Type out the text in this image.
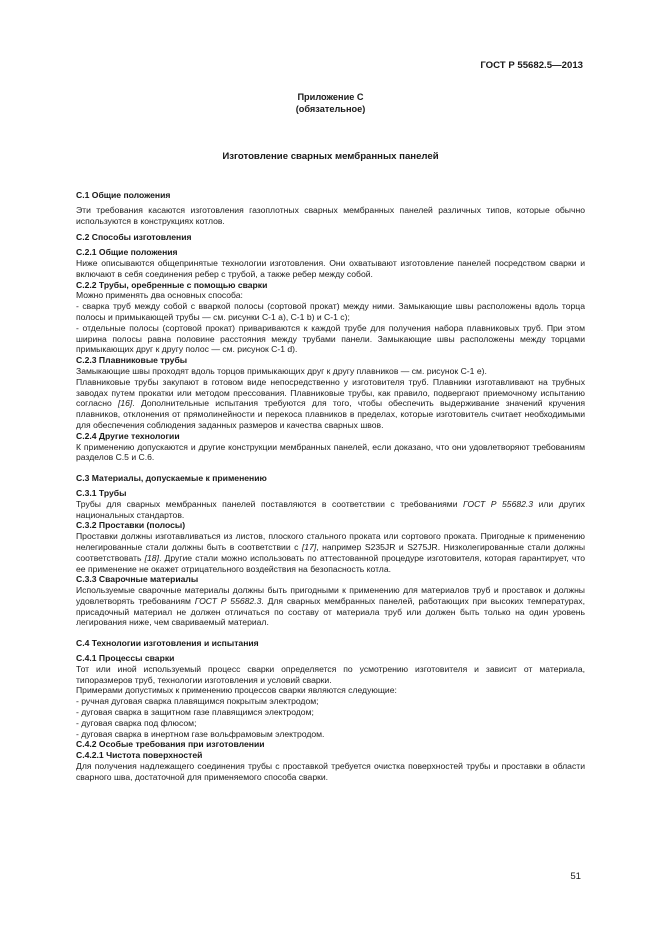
ГОСТ Р 55682.5—2013
Приложение С
(обязательное)
Изготовление сварных мембранных панелей

С.1 Общие положения

Эти требования касаются изготовления газоплотных сварных мембранных панелей различных типов, которые обычно используются в конструкциях котлов.

С.2 Способы изготовления

С.2.1 Общие положения

Ниже описываются общепринятые технологии изготовления. Они охватывают изготовление панелей посредством сварки и включают в себя соединения ребер с трубой, а также ребер между собой.

С.2.2 Трубы, оребренные с помощью сварки

Можно применять два основных способа:

- сварка труб между собой с вваркой полосы (сортовой прокат) между ними. Замыкающие швы расположены вдоль торца полосы и примыкающей трубы — см. рисунки С-1 а), С-1 b) и С-1 с);

- отдельные полосы (сортовой прокат) привариваются к каждой трубе для получения набора плавниковых труб. При этом ширина полосы равна половине расстояния между трубами панели. Замыкающие швы расположены между торцами примыкающих друг к другу полос — см. рисунок С-1 d).

С.2.3 Плавниковые трубы

Замыкающие швы проходят вдоль торцов примыкающих друг к другу плавников — см. рисунок С-1 е).

Плавниковые трубы закупают в готовом виде непосредственно у изготовителя труб. Плавники изготавливают на трубных заводах путем прокатки или методом прессования. Плавниковые трубы, как правило, подвергают приемочному испытанию согласно [16]. Дополнительные испытания требуются для того, чтобы обеспечить выдерживание значений кручения плавников, отклонения от прямолинейности и перекоса плавников в пределах, которые изготовитель считает необходимыми для обеспечения соблюдения заданных размеров и качества сварных швов.

С.2.4 Другие технологии

К применению допускаются и другие конструкции мембранных панелей, если доказано, что они удовлетворяют требованиям разделов С.5 и С.6.

С.3 Материалы, допускаемые к применению

С.3.1 Трубы

Трубы для сварных мембранных панелей поставляются в соответствии с требованиями ГОСТ Р 55682.3 или других национальных стандартов.

С.3.2 Проставки (полосы)

Проставки должны изготавливаться из листов, плоского стального проката или сортового проката. Пригодные к применению нелегированные стали должны быть в соответствии с [17], например S235JR и S275JR. Низколегированные стали должны соответствовать [18]. Другие стали можно использовать по аттестованной процедуре изготовителя, которая гарантирует, что ее применение не окажет отрицательного воздействия на безопасность котла.

С.3.3 Сварочные материалы

Используемые сварочные материалы должны быть пригодными к применению для материалов труб и проставок и должны удовлетворять требованиям ГОСТ Р 55682.3. Для сварных мембранных панелей, работающих при высоких температурах, присадочный материал не должен отличаться по составу от материала труб или должен быть только на один уровень легирования ниже, чем свариваемый материал.

С.4 Технологии изготовления и испытания

С.4.1 Процессы сварки

Тот или иной используемый процесс сварки определяется по усмотрению изготовителя и зависит от материала, типоразмеров труб, технологии изготовления и условий сварки.

Примерами допустимых к применению процессов сварки являются следующие:

- ручная дуговая сварка плавящимся покрытым электродом;

- дуговая сварка в защитном газе плавящимся электродом;

- дуговая сварка под флюсом;

- дуговая сварка в инертном газе вольфрамовым электродом.

С.4.2 Особые требования при изготовлении

С.4.2.1 Чистота поверхностей

Для получения надлежащего соединения трубы с проставкой требуется очистка поверхностей трубы и проставки в области сварного шва, достаточной для применяемого способа сварки.

51
